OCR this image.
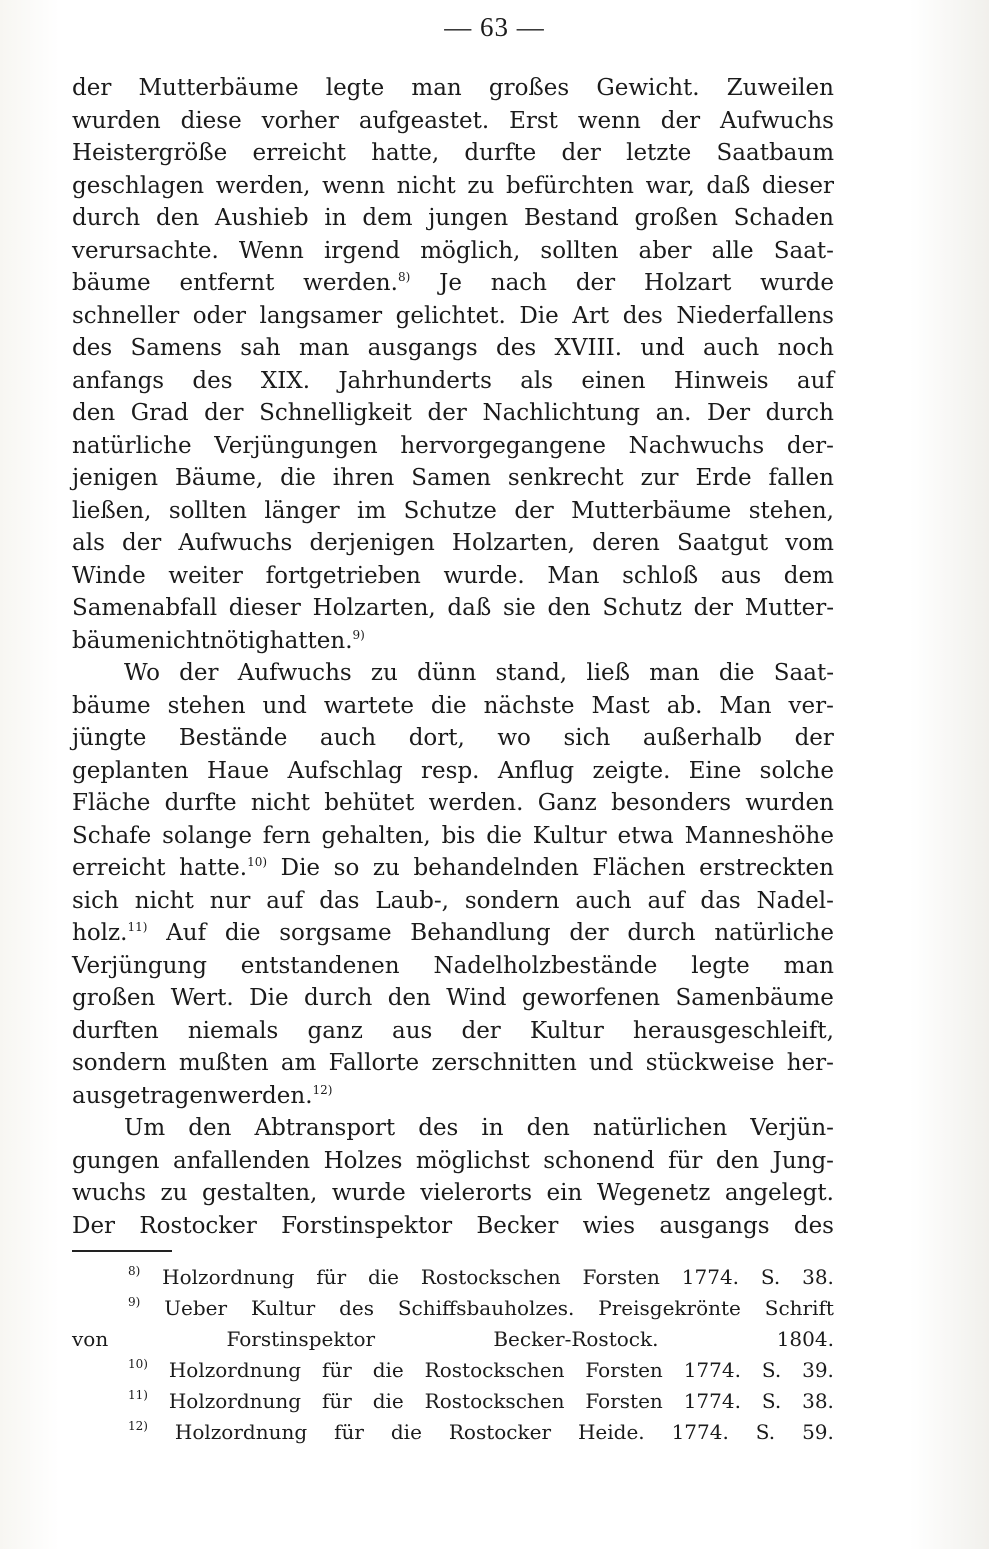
— 63 —
der Mutterbäume legte man großes Gewicht. Zuweilen
wurden diese vorher aufgeastet. Erst wenn der Aufwuchs
Heistergröße erreicht hatte, durfte der letzte Saatbaum
geschlagen werden, wenn nicht zu befürchten war, daß dieser
durch den Aushieb in dem jungen Bestand großen Schaden
verursachte. Wenn irgend möglich, sollten aber alle Saat-
bäume entfernt werden.$^{8)}$ Je nach der Holzart wurde
schneller oder langsamer gelichtet. Die Art des Niederfallens
des Samens sah man ausgangs des XVIII. und auch noch
anfangs des XIX. Jahrhunderts als einen Hinweis auf
den Grad der Schnelligkeit der Nachlichtung an. Der durch
natürliche Verjüngungen hervorgegangene Nachwuchs der-
jenigen Bäume, die ihren Samen senkrecht zur Erde fallen
ließen, sollten länger im Schutze der Mutterbäume stehen,
als der Aufwuchs derjenigen Holzarten, deren Saatgut vom
Winde weiter fortgetrieben wurde. Man schloß aus dem
Samenabfall dieser Holzarten, daß sie den Schutz der Mutter-
bäume nicht nötig hatten.$^{9)}$
Wo der Aufwuchs zu dünn stand, ließ man die Saat-
bäume stehen und wartete die nächste Mast ab. Man ver-
jüngte Bestände auch dort, wo sich außerhalb der
geplanten Haue Aufschlag resp. Anflug zeigte. Eine solche
Fläche durfte nicht behütet werden. Ganz besonders wurden
Schafe solange fern gehalten, bis die Kultur etwa Manneshöhe
erreicht hatte.$^{10)}$ Die so zu behandelnden Flächen erstreckten
sich nicht nur auf das Laub-, sondern auch auf das Nadel-
holz.$^{11)}$ Auf die sorgsame Behandlung der durch natürliche
Verjüngung entstandenen Nadelholzbestände legte man
großen Wert. Die durch den Wind geworfenen Samenbäume
durften niemals ganz aus der Kultur herausgeschleift,
sondern mußten am Fallorte zerschnitten und stückweise her-
ausgetragen werden.$^{12)}$
Um den Abtransport des in den natürlichen Verjün-
gungen anfallenden Holzes möglichst schonend für den Jung-
wuchs zu gestalten, wurde vielerorts ein Wegenetz angelegt.
Der Rostocker Forstinspektor Becker wies ausgangs des
$^{8)}$ Holzordnung für die Rostockschen Forsten 1774. S. 38.
$^{9)}$ Ueber Kultur des Schiffsbauholzes. Preisgekrönte Schrift
von	Forstinspektor	Becker-Rostock.	1804.
$^{10)}$ Holzordnung für die Rostockschen Forsten 1774. S. 39.
$^{11)}$ Holzordnung für die Rostockschen Forsten 1774. S. 38.
$^{12)}$ Holzordnung für die Rostocker Heide. 1774. S. 59.
